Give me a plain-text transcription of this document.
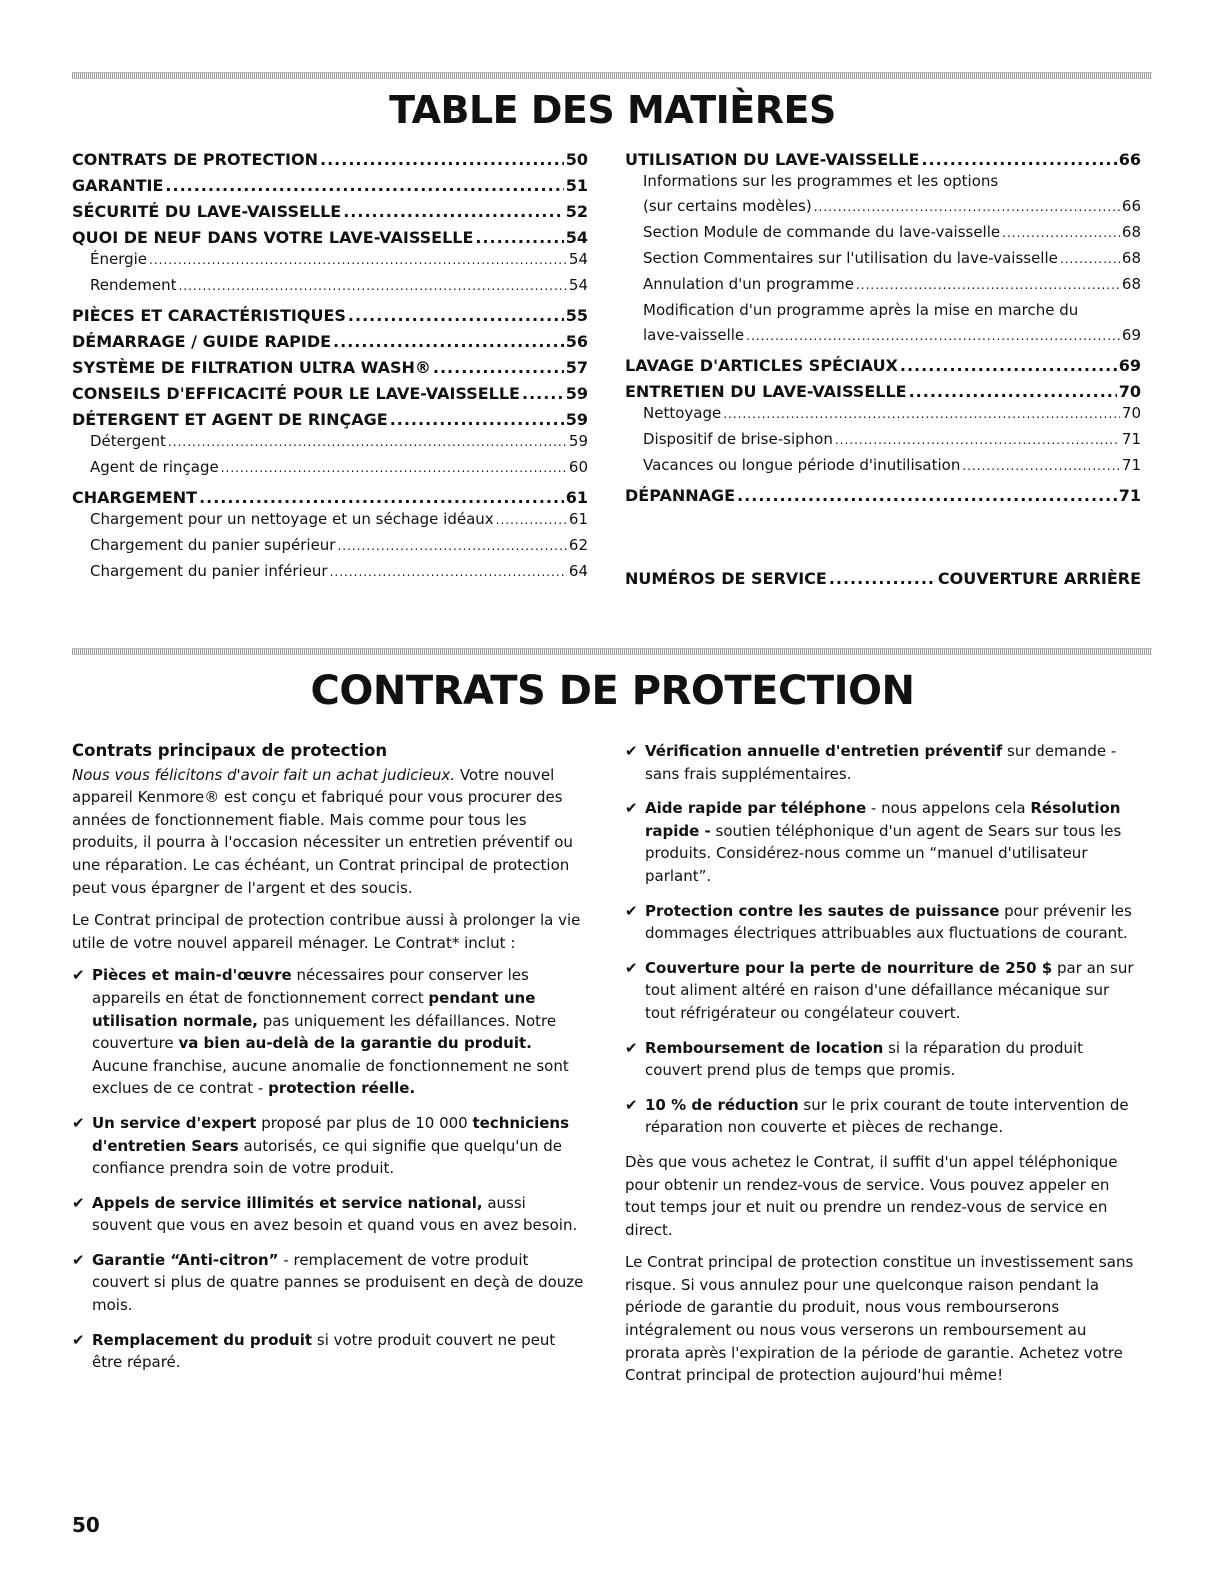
TABLE DES MATIÈRES
CONTRATS DE PROTECTION .....	50
GARANTIE .....	51
SÉCURITÉ DU LAVE-VAISSELLE .....	52
QUOI DE NEUF DANS VOTRE LAVE-VAISSELLE .....	54
Énergie .....	54
Rendement .....	54
PIÈCES ET CARACTÉRISTIQUES .....	55
DÉMARRAGE / GUIDE RAPIDE .....	56
SYSTÈME DE FILTRATION ULTRA WASH® .....	57
CONSEILS D'EFFICACITÉ POUR LE LAVE-VAISSELLE .....	59
DÉTERGENT ET AGENT DE RINÇAGE .....	59
Détergent .....	59
Agent de rinçage .....	60
CHARGEMENT .....	61
Chargement pour un nettoyage et un séchage idéaux .....	61
Chargement du panier supérieur .....	62
Chargement du panier inférieur .....	64
UTILISATION DU LAVE-VAISSELLE .....	66
Informations sur les programmes et les options
(sur certains modèles) .....	66
Section Module de commande du lave-vaisselle .....	68
Section Commentaires sur l'utilisation du lave-vaisselle .....	68
Annulation d'un programme .....	68
Modification d'un programme après la mise en marche du
lave-vaisselle .....	69
LAVAGE D'ARTICLES SPÉCIAUX .....	69
ENTRETIEN DU LAVE-VAISSELLE .....	70
Nettoyage .....	70
Dispositif de brise-siphon .....	71
Vacances ou longue période d'inutilisation .....	71
DÉPANNAGE .....	71
NUMÉROS DE SERVICE .....	COUVERTURE ARRIÈRE
CONTRATS DE PROTECTION
Contrats principaux de protection

Nous vous félicitons d'avoir fait un achat judicieux. Votre nouvel appareil Kenmore® est conçu et fabriqué pour vous procurer des années de fonctionnement fiable. Mais comme pour tous les produits, il pourra à l'occasion nécessiter un entretien préventif ou une réparation. Le cas échéant, un Contrat principal de protection peut vous épargner de l'argent et des soucis.

Le Contrat principal de protection contribue aussi à prolonger la vie utile de votre nouvel appareil ménager. Le Contrat* inclut :

✔ Pièces et main-d'œuvre nécessaires pour conserver les appareils en état de fonctionnement correct pendant une utilisation normale, pas uniquement les défaillances. Notre couverture va bien au-delà de la garantie du produit. Aucune franchise, aucune anomalie de fonctionnement ne sont exclues de ce contrat - protection réelle.

✔ Un service d'expert proposé par plus de 10 000 techniciens d'entretien Sears autorisés, ce qui signifie que quelqu'un de confiance prendra soin de votre produit.

✔ Appels de service illimités et service national, aussi souvent que vous en avez besoin et quand vous en avez besoin.

✔ Garantie “Anti-citron” - remplacement de votre produit couvert si plus de quatre pannes se produisent en deçà de douze mois.

✔ Remplacement du produit si votre produit couvert ne peut être réparé.

✔ Vérification annuelle d'entretien préventif sur demande - sans frais supplémentaires.

✔ Aide rapide par téléphone - nous appelons cela Résolution rapide - soutien téléphonique d'un agent de Sears sur tous les produits. Considérez-nous comme un “manuel d'utilisateur parlant”.

✔ Protection contre les sautes de puissance pour prévenir les dommages électriques attribuables aux fluctuations de courant.

✔ Couverture pour la perte de nourriture de 250 $ par an sur tout aliment altéré en raison d'une défaillance mécanique sur tout réfrigérateur ou congélateur couvert.

✔ Remboursement de location si la réparation du produit couvert prend plus de temps que promis.

✔ 10 % de réduction sur le prix courant de toute intervention de réparation non couverte et pièces de rechange.

Dès que vous achetez le Contrat, il suffit d'un appel téléphonique pour obtenir un rendez-vous de service. Vous pouvez appeler en tout temps jour et nuit ou prendre un rendez-vous de service en direct.

Le Contrat principal de protection constitue un investissement sans risque. Si vous annulez pour une quelconque raison pendant la période de garantie du produit, nous vous rembourserons intégralement ou nous vous verserons un remboursement au prorata après l'expiration de la période de garantie. Achetez votre Contrat principal de protection aujourd'hui même!

50
